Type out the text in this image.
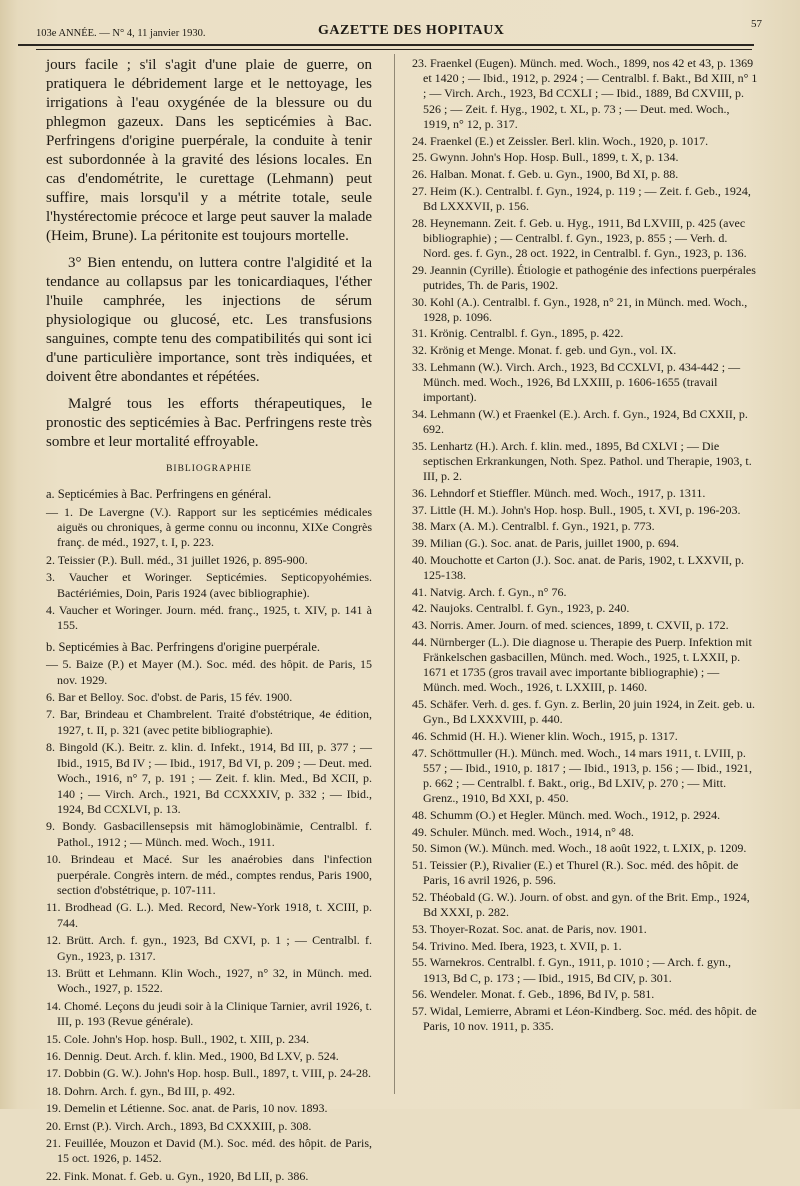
103e ANNÉE. — N° 4, 11 janvier 1930.	GAZETTE DES HOPITAUX	57

jours facile ; s'il s'agit d'une plaie de guerre, on pratiquera le débridement large et le nettoyage, les irrigations à l'eau oxygénée de la blessure ou du phlegmon gazeux. Dans les septicémies à Bac. Perfringens d'origine puerpérale, la conduite à tenir est subordonnée à la gravité des lésions locales. En cas d'endométrite, le curettage (Lehmann) peut suffire, mais lorsqu'il y a métrite totale, seule l'hystérectomie précoce et large peut sauver la malade (Heim, Brune). La péritonite est toujours mortelle.

3° Bien entendu, on luttera contre l'algidité et la tendance au collapsus par les tonicardiaques, l'éther l'huile camphrée, les injections de sérum physiologique ou glucosé, etc. Les transfusions sanguines, compte tenu des compatibilités qui sont ici d'une particulière importance, sont très indiquées, et doivent être abondantes et répétées.

Malgré tous les efforts thérapeutiques, le pronostic des septicémies à Bac. Perfringens reste très sombre et leur mortalité effroyable.

BIBLIOGRAPHIE
a. Septicémies à Bac. Perfringens en général.
— 1. De Lavergne (V.). Rapport sur les septicémies médicales aiguës ou chroniques, à germe connu ou inconnu, XIXe Congrès franç. de méd., 1927, t. I, p. 223.
2. Teissier (P.). Bull. méd., 31 juillet 1926, p. 895-900.
3. Vaucher et Woringer. Septicémies. Septicopyohémies. Bactériémies, Doin, Paris 1924 (avec bibliographie).
4. Vaucher et Woringer. Journ. méd. franç., 1925, t. XIV, p. 141 à 155.
b. Septicémies à Bac. Perfringens d'origine puerpérale.
— 5. Baize (P.) et Mayer (M.). Soc. méd. des hôpit. de Paris, 15 nov. 1929.
6. Bar et Belloy. Soc. d'obst. de Paris, 15 fév. 1900.
7. Bar, Brindeau et Chambrelent. Traité d'obstétrique, 4e édition, 1927, t. II, p. 321 (avec petite bibliographie).
8. Bingold (K.). Beitr. z. klin. d. Infekt., 1914, Bd III, p. 377 ; — Ibid., 1915, Bd IV ; — Ibid., 1917, Bd VI, p. 209 ; — Deut. med. Woch., 1916, n° 7, p. 191 ; — Zeit. f. klin. Med., Bd XCII, p. 140 ; — Virch. Arch., 1921, Bd CCXXXIV, p. 332 ; — Ibid., 1924, Bd CCXLVI, p. 13.
9. Bondy. Gasbacillensepsis mit hämoglobinämie, Centralbl. f. Pathol., 1912 ; — Münch. med. Woch., 1911.
10. Brindeau et Macé. Sur les anaérobies dans l'infection puerpérale. Congrès intern. de méd., comptes rendus, Paris 1900, section d'obstétrique, p. 107-111.
11. Brodhead (G. L.). Med. Record, New-York 1918, t. XCIII, p. 744.
12. Brütt. Arch. f. gyn., 1923, Bd CXVI, p. 1 ; — Centralbl. f. Gyn., 1923, p. 1317.
13. Brütt et Lehmann. Klin Woch., 1927, n° 32, in Münch. med. Woch., 1927, p. 1522.
14. Chomé. Leçons du jeudi soir à la Clinique Tarnier, avril 1926, t. III, p. 193 (Revue générale).
15. Cole. John's Hop. hosp. Bull., 1902, t. XIII, p. 234.
16. Dennig. Deut. Arch. f. klin. Med., 1900, Bd LXV, p. 524.
17. Dobbin (G. W.). John's Hop. hosp. Bull., 1897, t. VIII, p. 24-28.
18. Dohrn. Arch. f. gyn., Bd III, p. 492.
19. Demelin et Létienne. Soc. anat. de Paris, 10 nov. 1893.
20. Ernst (P.). Virch. Arch., 1893, Bd CXXXIII, p. 308.
21. Feuillée, Mouzon et David (M.). Soc. méd. des hôpit. de Paris, 15 oct. 1926, p. 1452.
22. Fink. Monat. f. Geb. u. Gyn., 1920, Bd LII, p. 386.
23. Fraenkel (Eugen). Münch. med. Woch., 1899, nos 42 et 43, p. 1369 et 1420 ; — Ibid., 1912, p. 2924 ; — Centralbl. f. Bakt., Bd XIII, n° 1 ; — Virch. Arch., 1923, Bd CCXLI ; — Ibid., 1889, Bd CXVIII, p. 526 ; — Zeit. f. Hyg., 1902, t. XL, p. 73 ; — Deut. med. Woch., 1919, n° 12, p. 317.
24. Fraenkel (E.) et Zeissler. Berl. klin. Woch., 1920, p. 1017.
25. Gwynn. John's Hop. Hosp. Bull., 1899, t. X, p. 134.
26. Halban. Monat. f. Geb. u. Gyn., 1900, Bd XI, p. 88.
27. Heim (K.). Centralbl. f. Gyn., 1924, p. 119 ; — Zeit. f. Geb., 1924, Bd LXXXVII, p. 156.
28. Heynemann. Zeit. f. Geb. u. Hyg., 1911, Bd LXVIII, p. 425 (avec bibliographie) ; — Centralbl. f. Gyn., 1923, p. 855 ; — Verh. d. Nord. ges. f. Gyn., 28 oct. 1922, in Centralbl. f. Gyn., 1923, p. 136.
29. Jeannin (Cyrille). Étiologie et pathogénie des infections puerpérales putrides, Th. de Paris, 1902.
30. Kohl (A.). Centralbl. f. Gyn., 1928, n° 21, in Münch. med. Woch., 1928, p. 1096.
31. Krönig. Centralbl. f. Gyn., 1895, p. 422.
32. Krönig et Menge. Monat. f. geb. und Gyn., vol. IX.
33. Lehmann (W.). Virch. Arch., 1923, Bd CCXLVI, p. 434-442 ; — Münch. med. Woch., 1926, Bd LXXIII, p. 1606-1655 (travail important).
34. Lehmann (W.) et Fraenkel (E.). Arch. f. Gyn., 1924, Bd CXXII, p. 692.
35. Lenhartz (H.). Arch. f. klin. med., 1895, Bd CXLVI ; — Die septischen Erkrankungen, Noth. Spez. Pathol. und Therapie, 1903, t. III, p. 2.
36. Lehndorf et Stieffler. Münch. med. Woch., 1917, p. 1311.
37. Little (H. M.). John's Hop. hosp. Bull., 1905, t. XVI, p. 196-203.
38. Marx (A. M.). Centralbl. f. Gyn., 1921, p. 773.
39. Milian (G.). Soc. anat. de Paris, juillet 1900, p. 694.
40. Mouchotte et Carton (J.). Soc. anat. de Paris, 1902, t. LXXVII, p. 125-138.
41. Natvig. Arch. f. Gyn., n° 76.
42. Naujoks. Centralbl. f. Gyn., 1923, p. 240.
43. Norris. Amer. Journ. of med. sciences, 1899, t. CXVII, p. 172.
44. Nürnberger (L.). Die diagnose u. Therapie des Puerp. Infektion mit Fränkelschen gasbacillen, Münch. med. Woch., 1925, t. LXXII, p. 1671 et 1735 (gros travail avec importante bibliographie) ; — Münch. med. Woch., 1926, t. LXXIII, p. 1460.
45. Schäfer. Verh. d. ges. f. Gyn. z. Berlin, 20 juin 1924, in Zeit. geb. u. Gyn., Bd LXXXVIII, p. 440.
46. Schmid (H. H.). Wiener klin. Woch., 1915, p. 1317.
47. Schöttmuller (H.). Münch. med. Woch., 14 mars 1911, t. LVIII, p. 557 ; — Ibid., 1910, p. 1817 ; — Ibid., 1913, p. 156 ; — Ibid., 1921, p. 662 ; — Centralbl. f. Bakt., orig., Bd LXIV, p. 270 ; — Mitt. Grenz., 1910, Bd XXI, p. 450.
48. Schumm (O.) et Hegler. Münch. med. Woch., 1912, p. 2924.
49. Schuler. Münch. med. Woch., 1914, n° 48.
50. Simon (W.). Münch. med. Woch., 18 août 1922, t. LXIX, p. 1209.
51. Teissier (P.), Rivalier (E.) et Thurel (R.). Soc. méd. des hôpit. de Paris, 16 avril 1926, p. 596.
52. Théobald (G. W.). Journ. of obst. and gyn. of the Brit. Emp., 1924, Bd XXXI, p. 282.
53. Thoyer-Rozat. Soc. anat. de Paris, nov. 1901.
54. Trivino. Med. Ibera, 1923, t. XVII, p. 1.
55. Warnekros. Centralbl. f. Gyn., 1911, p. 1010 ; — Arch. f. gyn., 1913, Bd C, p. 173 ; — Ibid., 1915, Bd CIV, p. 301.
56. Wendeler. Monat. f. Geb., 1896, Bd IV, p. 581.
57. Widal, Lemierre, Abrami et Léon-Kindberg. Soc. méd. des hôpit. de Paris, 10 nov. 1911, p. 335.
